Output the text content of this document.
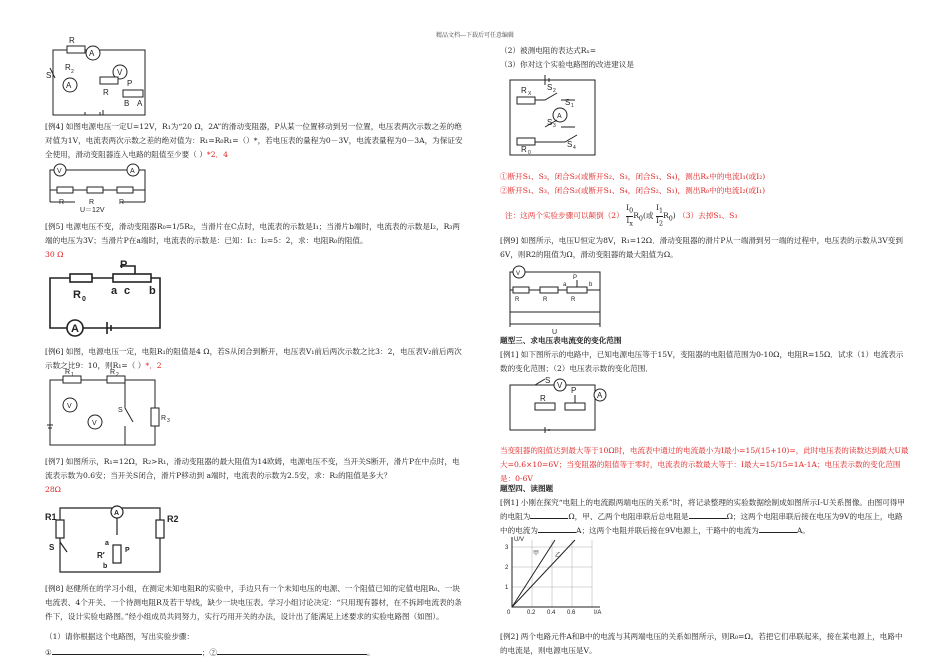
精品文档---下载后可任意编辑
R
R 2
A
V
S
A
R
P
B A
[例4] 如图电源电压一定U=12V，R₁为“20 Ω，2A”的滑动变阻器，P从某一位置移动到另一位置，电压表两次示数之差的绝对值为1V，电流表两次示数之差的绝对值为：R₁=R₀R₁=（）*，若电压表的量程为0－3V，电流表量程为0－3A，为保证安全使用，滑动变阻器连入电路的阻值至少要（ ）*2．4
V	A
R	R	R
U＝12V
[例5] 电源电压不变，滑动变阻器R₀=1/5R₂，当滑片在C点时，电流表的示数是I₁；当滑片b端时，电流表的示数是I₂，R₃两端的电压为3V；当滑片P在a端时，电流表的示数是：已知：I₁：I₂=5：2，求：电阻R₀的阻值。
30 Ω
P
R 0
a c b
A
[例6] 如图，电源电压一定，电阻R₁的阻值是4 Ω，若S从闭合到断开，电压表V₁前后两次示数之比3：2，电压表V₂前后两次示数之比9：10，则R₁=（ ）*．2
R 1	R 2
V
V
S
R 3
[例7] 如图所示，R₁=12Ω，R₂>R₁，滑动变阻器的最大阻值为14欧姆，电源电压不变，当开关S断开，滑片P在中点时，电流表示数为0.6安；当开关S闭合，滑片P移动到 a端时，电流表的示数为2.5安，求：R₂的阻值是多大？
28Ω
R1	R2
A
S	a
R′
b
P
[例8] 赵健所在的学习小组，在测定未知电阻R的实验中，手边只有一个未知电压的电源、一个阻值已知的定值电阻R₀、一块电流表、4个开关、一个待测电阻R及若干导线，缺少一块电压表。学习小组讨论决定：“只用现有器材，在不拆卸电流表的条件下，设计实验电路图。”经小组成员共同努力，实行巧用开关的办法，设计出了能满足上述要求的实验电路图（如图）。
（1）请你根据这个电路图，写出实验步骤：
①	；②	。
（2）被测电阻的表达式Rₓ=
（3）你对这个实验电路图的改进建议是
R X
S 2
S 1
A
S 3
R 0
S 4
①断开S₁、S₃，闭合S₂(或断开S₂、S₃，闭合S₁、S₄)，测出Rₓ中的电流I₁(或I₂)
②断开S₁、S₃，闭合S₂(或断开S₁、S₄，闭合S₂、S₃)，测出R₀中的电流I₂(或I₁)
注：这两个实验步骤可以颠倒$(2) \frac{I_0}{I_x} R_0$(或 $\frac{I_1}{I_2} R_0$) （3）去掉S₁、S₃
[例9] 如图所示，电压U恒定为8V，R₁=12Ω．滑动变阻器的滑片P从一端滑到另一端的过程中，电压表的示数从3V变到6V，则R2的阻值为Ω，滑动变阻器的最大阻值为Ω。
V
P
a	b
R	R	R
U
题型三、求电压表电流变的变化范围
[例1] 如下图所示的电路中，已知电源电压等于15V，变阻器的电阻值范围为0-10Ω，电阻R=15Ω．试求（1）电流表示数的变化范围；（2）电压表示数的变化范围．
V
S
R	A
P
当变阻器的阻值达到最大等于10Ω时，电流表中通过的电流最小为I最小=15/(15+10)=，此时电压表的读数达到最大U最大=0.6×10=6V；当变阻器的阻值等于零时，电流表的示数最大等于：I最大=15/15=1A-1A；电压表示数的变化范围是：0-6V
题型四、读图题
[例1] 小刚在探究“电阻上的电流跟两端电压的关系”时，将记录整理的实验数据绘制成如图所示I-U关系图像。由图可得甲的电阻为	Ω，甲、乙两个电阻串联后总电阻是	Ω；这两个电阻串联后接在电压为9V的电压上，电路中的电流为	A；这两个电阻并联后接在9V电源上，干路中的电流为	A。
U/V
I/A
3
2
1
0	0.2 0.4 0.6
甲	乙
[例2] 两个电路元件A和B中的电流与其两端电压的关系如图所示，则R₀=Ω。若把它们串联起来，接在某电源上，电路中的电流是，则电源电压是V。
